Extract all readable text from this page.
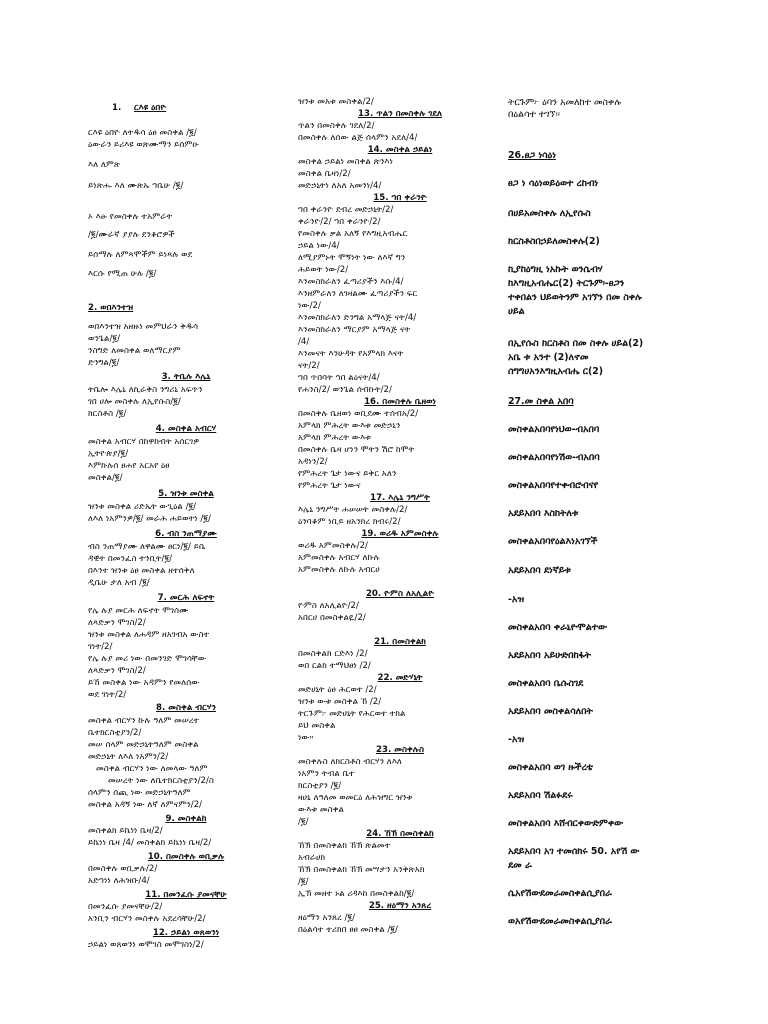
1. ርእዩ ዕበዮ
ርእዩ ዕበዮ ለትዱሳ ዕፀ መስቀል /፪/
ዕውራን ይሪእዩ ወጽሙማን ይሰምዑ
እለ ለምጽ
ይነጽሑ እለ ሙጽኡ ኀቤሁ /፪/
ኦ እፁ የመስቀሉ ተአምራት
/፪/ሙራኛ ያያሉ ደንቆሮዎች
ይሰማሉ ለምጻሞችም ይነጻሉ ወደ
እርሱ የሚጠ ሁሉ /፪/
2. ወበእንተዝ
ወበእንተዝ አዘዙነ መምህራን ቅዱሳ
ወንጌል/፪/
ንስግድ ለመስቀል ወለማርያም
ድንግል/፪/
3. ትቤሉ እሌኒ
ትቤሎ እሌኒ ለኪራቅስ ንግሪኒ አፍጥን
ገበ ሀሎ መስቀሉ ለኢየሱስ/፪/
ክርስቶስ /፪/
4. መስቀል አብርሃ
መስቀል አብርሃ በከዋከብት አሰርገዎ
ኢትዮጵያ/፪/
እምኩሉሰ ፀሐየ አርአየ ዕፀ
መስቀል/፪/
5. ዝንቱ መስቀል
ዝንቱ መስቀል ሪድኤት ውጊዕል /፪/
ለእለ ነአምንዎ/፪/ መራሕ ሐይወትነ /፪/
6. ብስ ንጠማያሙ
ብስ ንጠማያሙ ለዋልሙ ፀርነ/፪/ ይቤ
ዳዊት በመንፈስ ትንቢት/፪/
በእንተ ዝንቱ ዕፀ መስቀል ዘተሰቅለ
ዲቤሁ ታለ አብ /፪/
7. መርሕ ለፍኖት
የሌ ሉያ መርሕ ለፍኖት ሞገሰሙ
ለጻድቃን ሞገስ/2/
ዝንቱ መስቀል ለሐዳም ዘአገብአ ውስተ
ገነት/2/
የሌ ሉያ መሪ ነው በመንገድ ሞገሳቸው
ለጻድቃን ሞገስ/2/
ይኸ መስቀል ነው አዳምን የመለሰው
ወደ ገነት/2/
8. መስቀል ብርሃን
መስቀል ብርሃን ኩሉ ዓለም መሠረተ
ቤተክርስቲያን/2/
መሠ ሰላም መድኃኒትዓለም መስቀል
መድኃኒት ለእለ ነአምን/2/
መስቀል ብርሃን ነው ለመላው ዓለም
መሠረት ነው ለቤተክርስቲያን/2/ስ
ሰላምን ሰጪ ነው መድኃኒትዓለም
መስቀል አዳኝ ነው ለኛ ለምናምን/2/
9. መስቀልከ
መስቀልክ ይኬነነ ቤዛ/2/
ይኬነነ ቤዛ /4/ መስቀልክ ይኬነነ ቤዛ/2/
10. በመስቀሉ ወቢቃሉ
በመስቀሉ ወቢቃሉ/2/
አድኀነነ ለሕዝቡ/4/
11. በመንፈሱ ያመናቸሁ
በመንፈሱ ያመናቸሁ/2/
አንቢን ብርሃን መስቀሉ አደረሳቸሁ/2/
12. ኃይልነ ወጸወንነ
ኃይልነ ወጸወንነ ወሞገስ መሞገስነ/2/
ዝንቱ መአቱ መስቀል/2/
13. ጥልን በመስቀሉ ገደለ
ጥልን በመስቀሉ ገደለ/2/
በመስቀሉ ለሰው ልጅ ሰላምን አደለ/4/
14. መስቀል ኃይልነ
መስቀል ኃይልነ መስቀል ጽንእነ
መስቀል ቤዛነ/2/
መድኃኒትነ ለአለ አመንነ/4/
15. ኀበ ቀራንዮ
ኀበ ቀራንዮ ደብረ መድኃኒት/2/
ቀራንዮ/2/ ኀበ ቀራንዮ/2/
የመስቀሉ ቃል አለኝ የእግዚአብሔር
ኃይል ነው/4/
ለሚያምኑት ሞኝነት ነው ለእኛ ግን
ሕይወት ነው/2/
እንመስክራለን ፈጣሪያችን እሱ/4/
እንዘምራለን ለገዛልሙ ፈጣሪያችን ፍር
ነው/2/
እንመስክራለን ድንግል አማላጅ ናት/4/
እንመስክራለን ማርያም አማላጅ ናት
/4/
እንመናት እንሁዳት የአምላክ እናት
ናት/2/
ኀበ ጥበባት ኀበ ልዕናት/4/
የሐንስ/2/ ወንጌል ሰብኩት/2/
16. በመስቀሉ ቤዘወነ
በመስቀሉ ቤዘወነ ወቢደሙ ተሰብአ/2/
አምላክ ምሕረት ውእቱ መድኃኒን
አምላክ ምሕረት ውእቱ
በመስቀሉ ቤዛ ሆነን ሞትን ሽሮ ከሞት
አዳነን/2/
የምሕረት ጌታ ነውና ይቅር አለን
የምሕረት ጌታ ነውና
17. እሌኒ ንግሥት
እሌኒ ንግሥት ሐሠሠት መስቀሉ/2/
ዕንባቆም ነቢይ ዘአንክረ ክብሩ/2/
19. ወሪዱ አምመስቀሉ
ወሪዱ አምመስቀሉ/2/
አምመስቀሉ አብርሃ ለኩሉ
አምመስቀሉ ለኩሉ አብርሀ
20. ዮምስ ለአሊልዮ
ዮምስ ለአሊልዮ/2/
አበርሀ በመስቀልዪ/2/
21. በመስቀልክ
በመስቀልክ ርድእነ /2/
ወበ ርልክ ተማህፀነ /2/
22. መድሃኒት
መድሀኒት ዕፀ ሕርወተ /2/
ዝንቱ ውቱ መስቀል ኸ /2/
ትርጉም፦ መድሀኒት የሕርወተ ተክል
ይህ መስቀል
ነው።
23. መስቀሉስ
መስቀሉስ ለክርስቶስ ብርሃን ለእለ
ነአምን ትብል ቤተ
ክርስቲያን /፪/
ዛሀኒ ለዓለመ ወመርዕ ለሕዝግር ዝንቱ
ውእቱ መስቀል
/፪/
24. ኸኽ በመስቀልከ
ኸኽ በመስቀልክ ኸኽ ጽልመተ
አብራሀክ
ኸኽ በመስቀልክ ኸኽ መሣታን አንቅጽአክ
/፪/
ኢኽ መዘተ ኑል ሪዳእከ በመስቀልከ/፪/
25. ዘዕማን አንጸረ
ዘዕማን አንጸረ /፪/
በዕልሳተ ተሪክበ ፀፀ መስቀል /፪/
ትርጉም፦ ዕባን አመለከተ መስቀሉ
በዕልሳተ ተገኘ፡፡
26.ፀጋ ነሳዕነ
ፀጋ ነ ሳዕነወይዕወተ ረከብነ
በሀይአመስቀሉ ለኢየሱስ
ክርስቶስበኃይለመስቀሉ(2)
ኪያከዕግዚ ነአኩት ወንሴብሃ
ከእግዚአብሔር(2) ትርጉም፡-ፀጋን
ተቀበልን ህይወትንም አገኘን በመ ስቀሉ
ሀይል
በኢየሱስ ክርስቶስ በመ ስቀሉ ሀይል(2)
አቤ ቱ አንተ (2)ለኖመ
ሰግግሀአንእግዚአብሔ ር(2)
27.መ ስቀል አበባ
መስቀልአበባየነህወ-ብአበባ
መስቀልአበባየነሽወ-ብአበባ
መስቀልአበባየተቀብሮብናየ
አደይአበባ እስከትለቱ
መስቀልአበባየዕልእነአገኘች
አደይአበባ ደነኛይቱ
-አዝ
መስቀልአበባ ቀራኒዮሞልተው
አደይአበባ አይሁድበከፋት
መስቀልአበባ ቤሱስገደ
አደይአበባ መስቀልሳለበት
-አዝ
መስቀልአበባ ወገ ዙችረቴ
አደይአበባ ሽልፉደሩ
መስቀልአበባ እሸብርቀውድምቀው
አደይአበባ አገ ተመሰክሩ 50. አየሽ ው
ደመ ራ
ሴአየሽውደመራመስቀልሲያበራ
ወአየሽውደመራመስቀልሲያበራ
